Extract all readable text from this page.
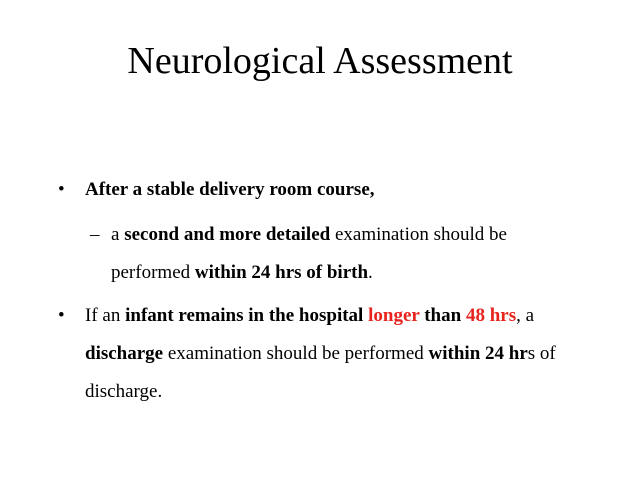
Neurological Assessment
•	After a stable delivery room course,
– a second and more detailed examination should be
performed within 24 hrs of birth.
•	If an infant remains in the hospital longer than 48 hrs, a
discharge examination should be performed within 24 hrs of
discharge.
